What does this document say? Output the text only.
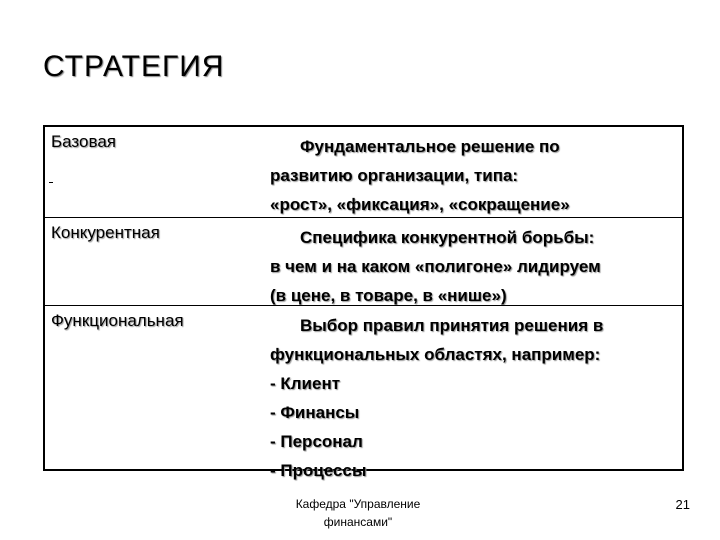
СТРАТЕГИЯ
Базовая	Фундаментальное решение по
развитию организации, типа:
«рост», «фиксация», «сокращение»
Конкурентная	Специфика конкурентной борьбы:
в чем и на каком «полигоне» лидируем
(в цене, в товаре, в «нише»)
Функциональная	Выбор правил принятия решения в
функциональных областях, например:
- Клиент
- Финансы
- Персонал
- Процессы
Кафедра "Управление финансами"
21
